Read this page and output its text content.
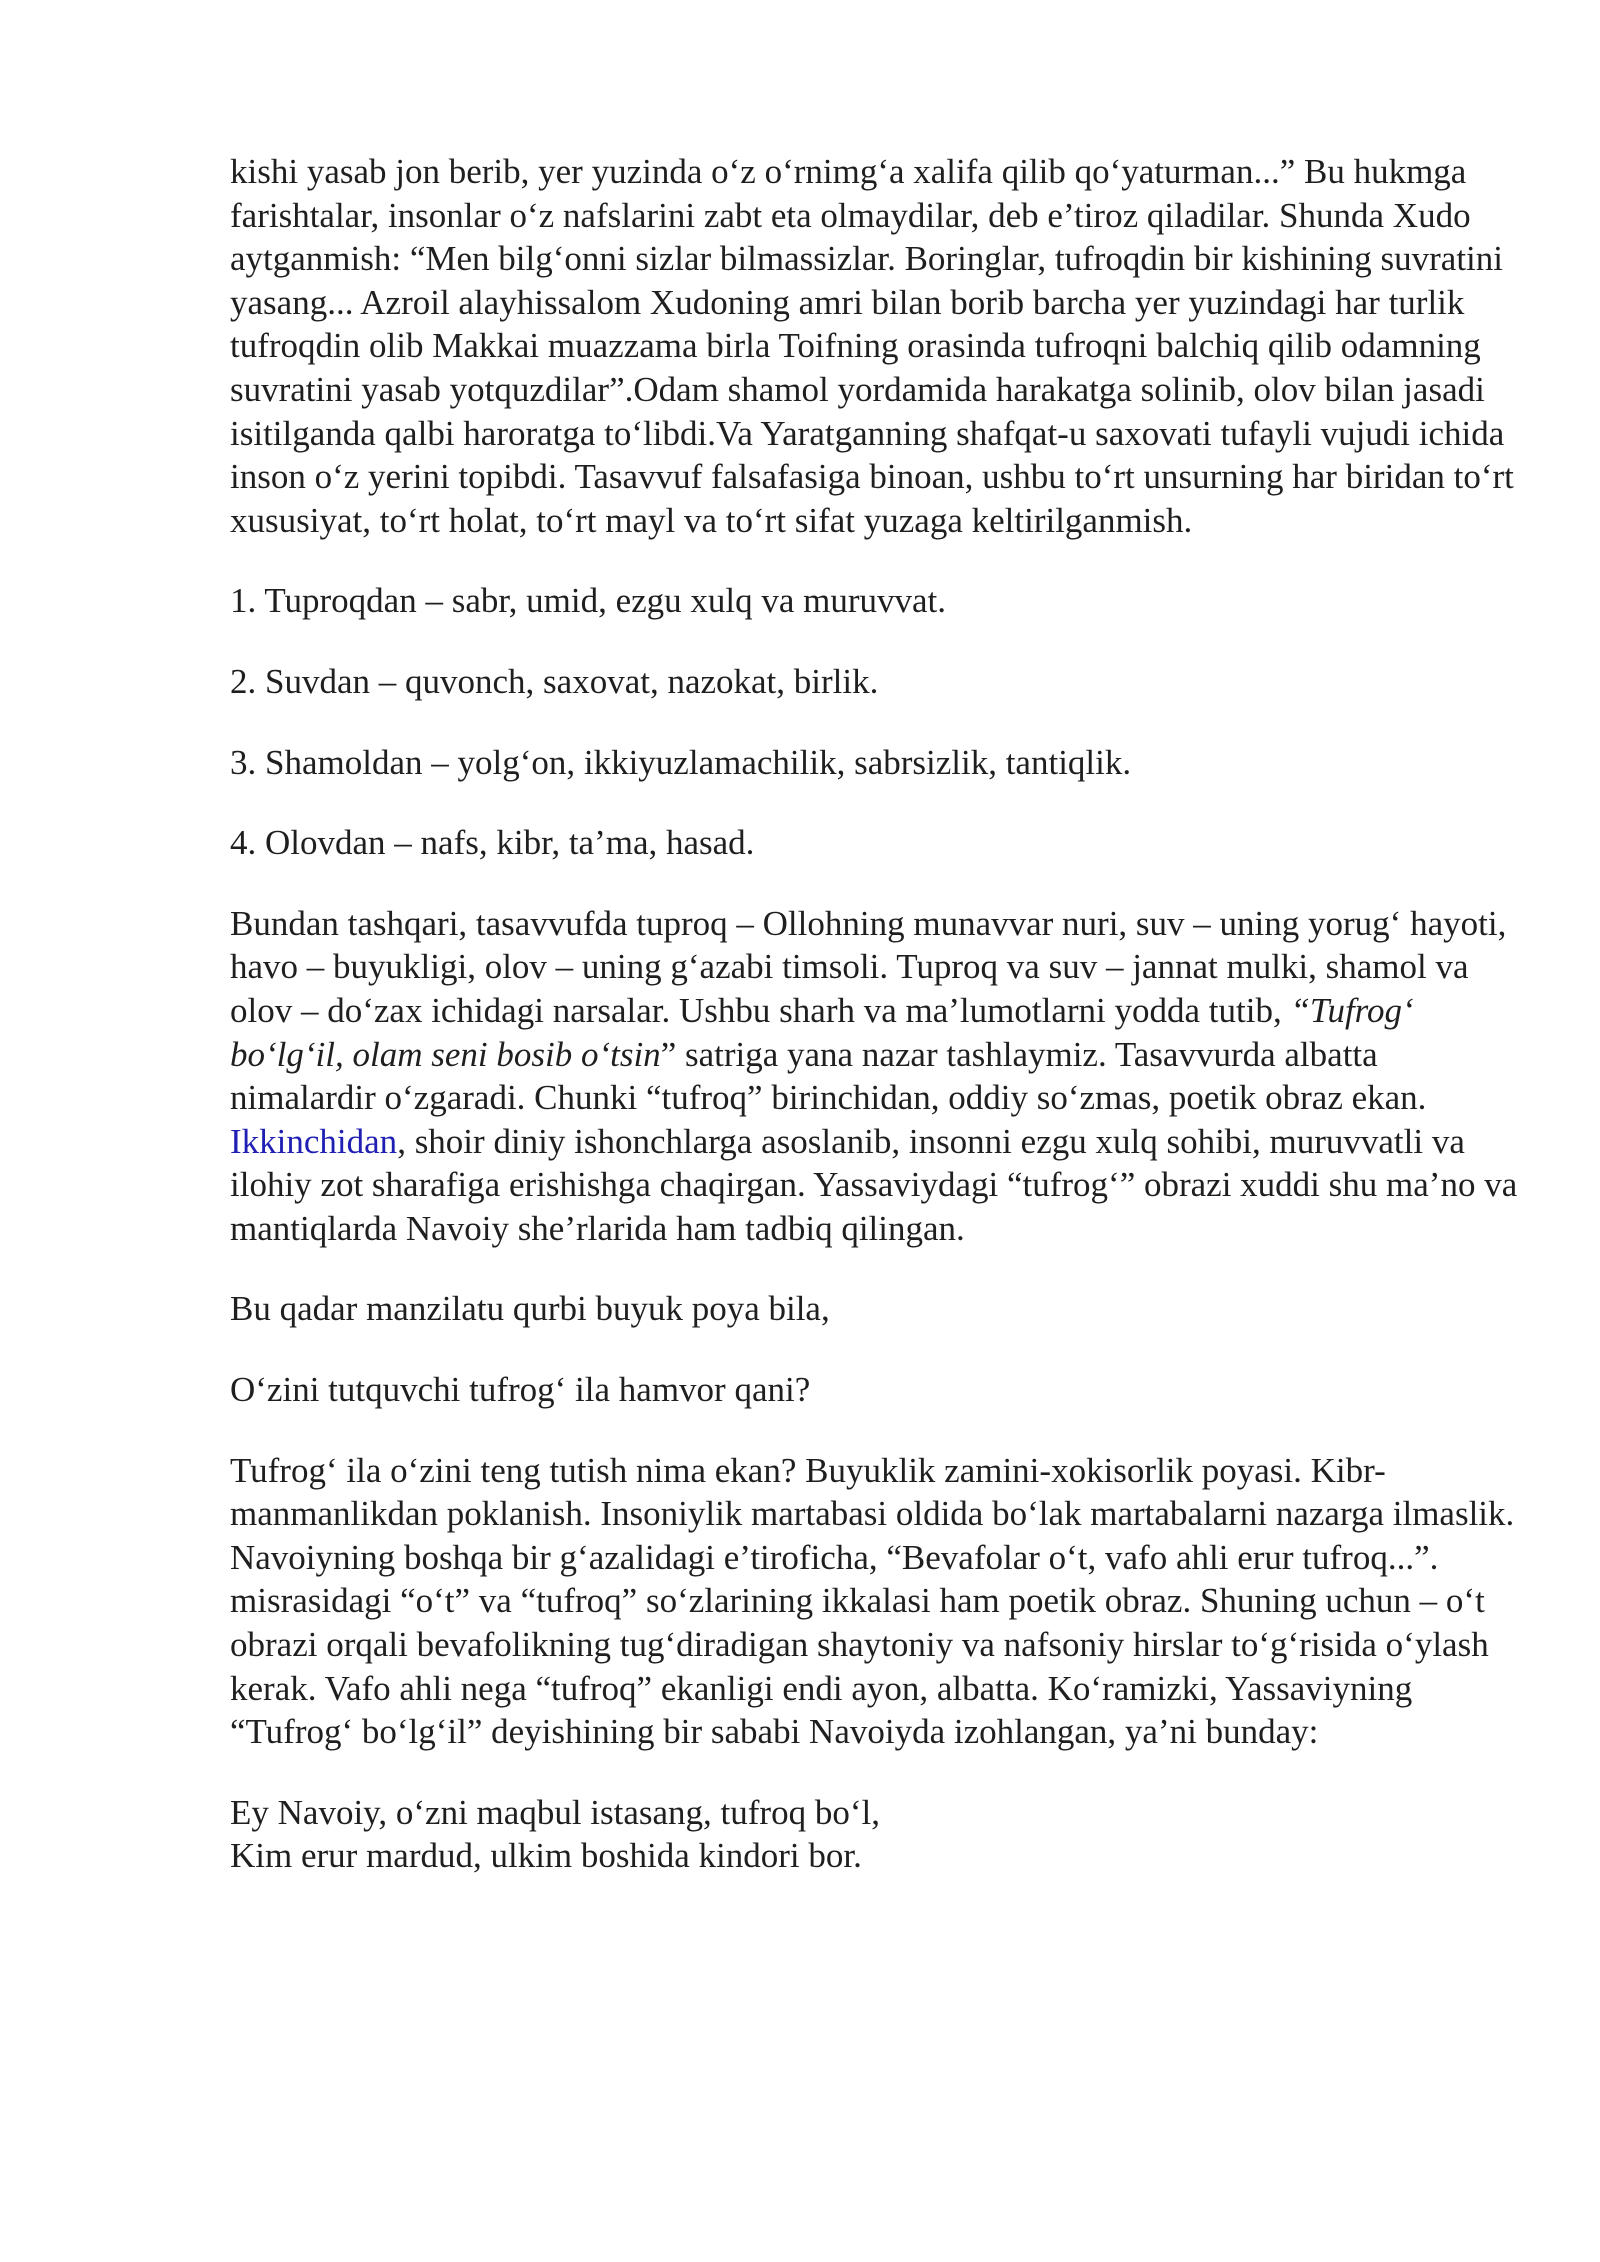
kishi yasab jon berib, yer yuzinda o‘z o‘rnimg‘a xalifa qilib qo‘yaturman...” Bu hukmga farishtalar, insonlar o‘z nafslarini zabt eta olmaydilar, deb e’tiroz qiladilar. Shunda Xudo aytganmish: “Men bilg‘onni sizlar bilmassizlar. Boringlar, tufroqdin bir kishining suvratini yasang... Azroil alayhissalom Xudoning amri bilan borib barcha yer yuzindagi har turlik tufroqdin olib Makkai muazzama birla Toifning orasinda tufroqni balchiq qilib odamning suvratini yasab yotquzdilar”.Odam shamol yordamida harakatga solinib, olov bilan jasadi isitilganda qalbi haroratga to‘libdi.Va Yaratganning shafqat-u saxovati tufayli vujudi ichida inson o‘z yerini topibdi. Tasavvuf falsafasiga binoan, ushbu to‘rt unsurning har biridan to‘rt xususiyat, to‘rt holat, to‘rt mayl va to‘rt sifat yuzaga keltirilganmish.

1. Tuproqdan – sabr, umid, ezgu xulq va muruvvat.

2. Suvdan – quvonch, saxovat, nazokat, birlik.

3. Shamoldan – yolg‘on, ikkiyuzlamachilik, sabrsizlik, tantiqlik.

4. Olovdan – nafs, kibr, ta’ma, hasad.

Bundan tashqari, tasavvufda tuproq – Ollohning munavvar nuri, suv – uning yorug‘ hayoti, havo – buyukligi, olov – uning g‘azabi timsoli. Tuproq va suv – jannat mulki, shamol va olov – do‘zax ichidagi narsalar. Ushbu sharh va ma’lumotlarni yodda tutib, “Tufrog‘ bo‘lg‘il, olam seni bosib o‘tsin” satriga yana nazar tashlaymiz. Tasavvurda albatta nimalardir o‘zgaradi. Chunki “tufroq” birinchidan, oddiy so‘zmas, poetik obraz ekan. Ikkinchidan, shoir diniy ishonchlarga asoslanib, insonni ezgu xulq sohibi, muruvvatli va ilohiy zot sharafiga erishishga chaqirgan. Yassaviydagi “tufrog‘” obrazi xuddi shu ma’no va mantiqlarda Navoiy she’rlarida ham tadbiq qilingan.

Bu qadar manzilatu qurbi buyuk poya bila,

O‘zini tutquvchi tufrog‘ ila hamvor qani?

Tufrog‘ ila o‘zini teng tutish nima ekan? Buyuklik zamini-xokisorlik poyasi. Kibr-manmanlikdan poklanish. Insoniylik martabasi oldida bo‘lak martabalarni nazarga ilmaslik. Navoiyning boshqa bir g‘azalidagi e’tiroficha, “Bevafolar o‘t, vafo ahli erur tufroq...”. misrasidagi “o‘t” va “tufroq” so‘zlarining ikkalasi ham poetik obraz. Shuning uchun – o‘t obrazi orqali bevafolikning tug‘diradigan shaytoniy va nafsoniy hirslar to‘g‘risida o‘ylash kerak. Vafo ahli nega “tufroq” ekanligi endi ayon, albatta. Ko‘ramizki, Yassaviyning “Tufrog‘ bo‘lg‘il” deyishining bir sababi Navoiyda izohlangan, ya’ni bunday:

Ey Navoiy, o‘zni maqbul istasang, tufroq bo‘l,

Kim erur mardud, ulkim boshida kindori bor.
